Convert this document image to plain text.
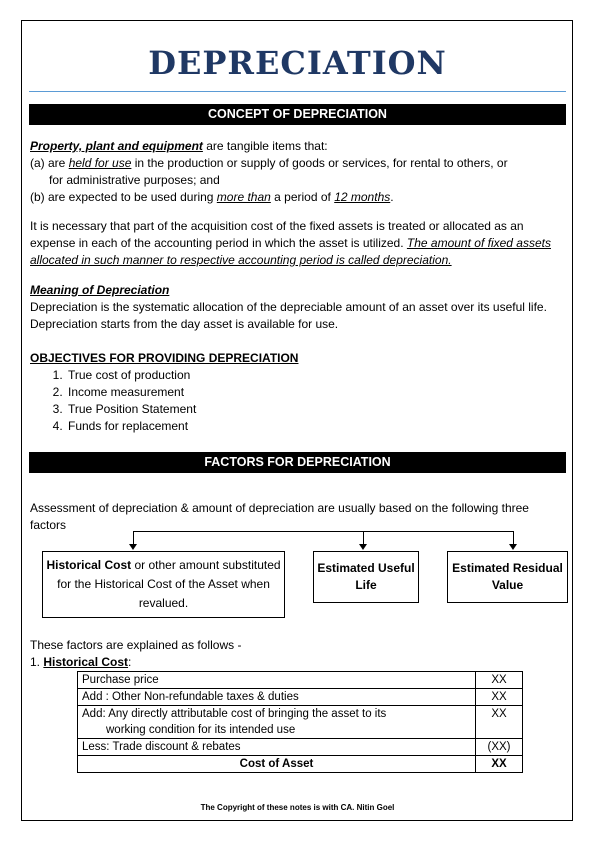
DEPRECIATION
CONCEPT OF DEPRECIATION

Property, plant and equipment are tangible items that:

(a) are held for use in the production or supply of goods or services, for rental to others, or

for administrative purposes; and

(b) are expected to be used during more than a period of 12 months.

It is necessary that part of the acquisition cost of the fixed assets is treated or allocated as an expense in each of the accounting period in which the asset is utilized. The amount of fixed assets allocated in such manner to respective accounting period is called depreciation.

Meaning of Depreciation

Depreciation is the systematic allocation of the depreciable amount of an asset over its useful life. Depreciation starts from the day asset is available for use.

OBJECTIVES FOR PROVIDING DEPRECIATION

1. True cost of production
2. Income measurement
3. True Position Statement
4. Funds for replacement
FACTORS FOR DEPRECIATION
Assessment of depreciation & amount of depreciation are usually based on the following three factors
Historical Cost or other amount substituted for the Historical Cost of the Asset when revalued.
Estimated Useful Life
Estimated Residual Value
These factors are explained as follows -
1. Historical Cost:
Purchase price	XX
Add : Other Non-refundable taxes & duties	XX

Add: Any directly attributable cost of bringing the asset to its
working condition for its intended use	XX
Less: Trade discount & rebates	(XX)
Cost of Asset	XX
The Copyright of these notes is with CA. Nitin Goel
